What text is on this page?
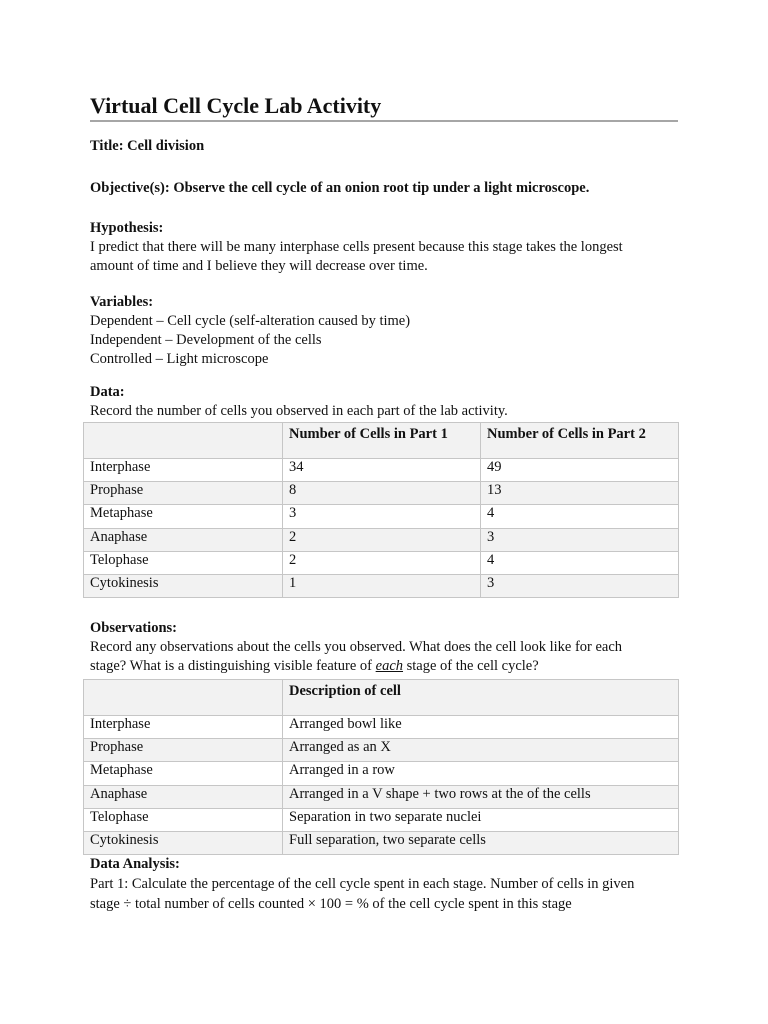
Virtual Cell Cycle Lab Activity
Title: Cell division
Objective(s): Observe the cell cycle of an onion root tip under a light microscope.
Hypothesis:
I predict that there will be many interphase cells present because this stage takes the longest
amount of time and I believe they will decrease over time.
Variables:
Dependent – Cell cycle (self-alteration caused by time)
Independent – Development of the cells
Controlled – Light microscope
Data:
Record the number of cells you observed in each part of the lab activity.
	Number of Cells in Part 1	Number of Cells in Part 2
Interphase	34	49
Prophase	8	13
Metaphase	3	4
Anaphase	2	3
Telophase	2	4
Cytokinesis	1	3
Observations:
Record any observations about the cells you observed. What does the cell look like for each
stage? What is a distinguishing visible feature of each stage of the cell cycle?
	Description of cell
Interphase	Arranged bowl like
Prophase	Arranged as an X
Metaphase	Arranged in a row
Anaphase	Arranged in a V shape + two rows at the of the cells
Telophase	Separation in two separate nuclei
Cytokinesis	Full separation, two separate cells
Data Analysis:
Part 1: Calculate the percentage of the cell cycle spent in each stage. Number of cells in given
stage ÷ total number of cells counted × 100 = % of the cell cycle spent in this stage
